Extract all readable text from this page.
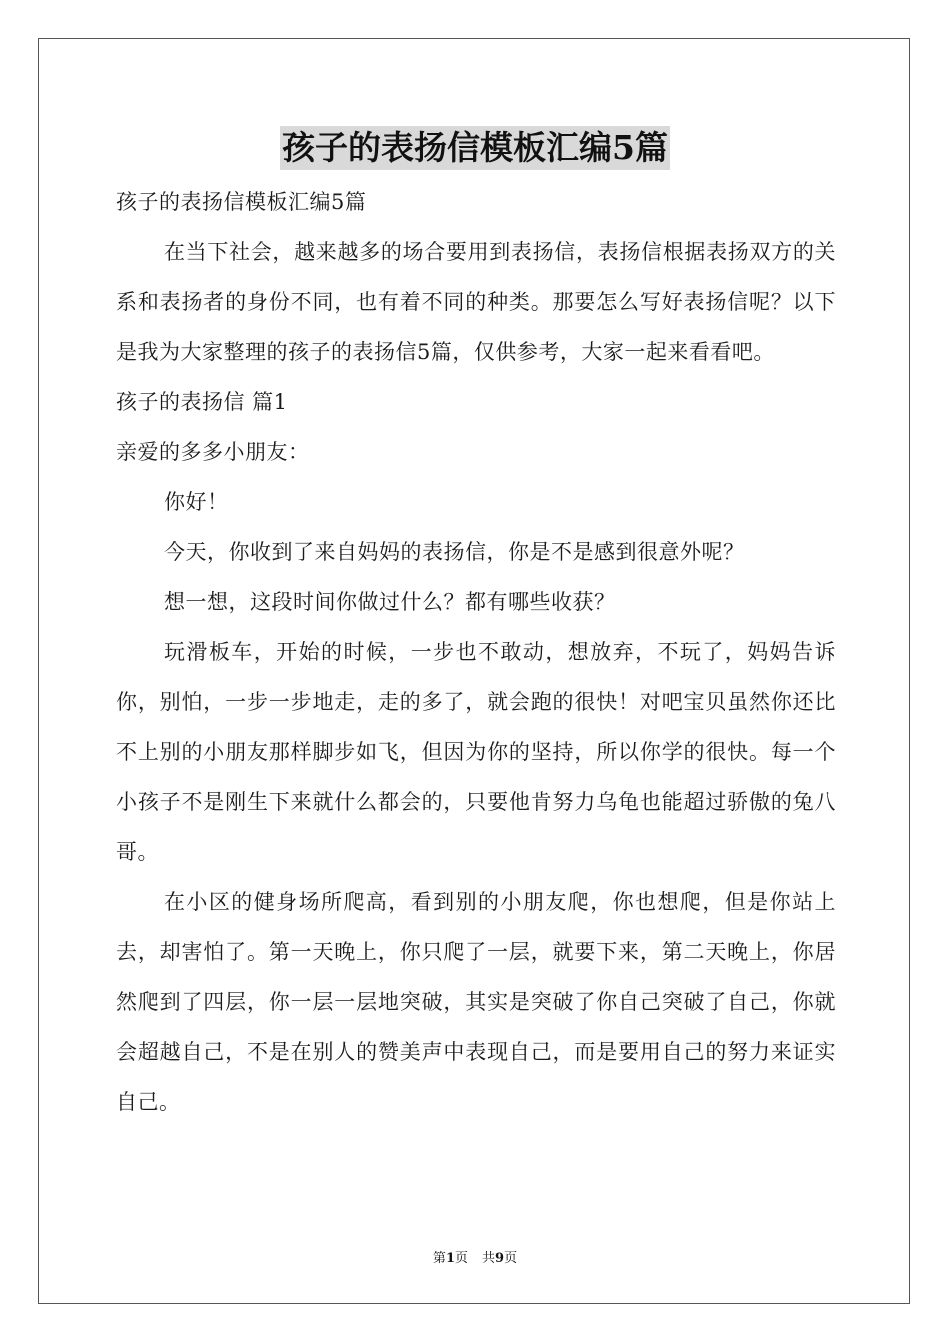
孩子的表扬信模板汇编5篇

孩子的表扬信模板汇编5篇

在当下社会，越来越多的场合要用到表扬信，表扬信根据表扬双方的关系和表扬者的身份不同，也有着不同的种类。那要怎么写好表扬信呢？以下是我为大家整理的孩子的表扬信5篇，仅供参考，大家一起来看看吧。

孩子的表扬信 篇1

亲爱的多多小朋友：

你好！

今天，你收到了来自妈妈的表扬信，你是不是感到很意外呢？

想一想，这段时间你做过什么？都有哪些收获？

玩滑板车，开始的时候，一步也不敢动，想放弃，不玩了，妈妈告诉你，别怕，一步一步地走，走的多了，就会跑的很快！对吧宝贝虽然你还比不上别的小朋友那样脚步如飞，但因为你的坚持，所以你学的很快。每一个小孩子不是刚生下来就什么都会的，只要他肯努力乌龟也能超过骄傲的兔八哥。

在小区的健身场所爬高，看到别的小朋友爬，你也想爬，但是你站上去，却害怕了。第一天晚上，你只爬了一层，就要下来，第二天晚上，你居然爬到了四层，你一层一层地突破，其实是突破了你自己突破了自己，你就会超越自己，不是在别人的赞美声中表现自己，而是要用自己的努力来证实自己。

第1页 共9页
